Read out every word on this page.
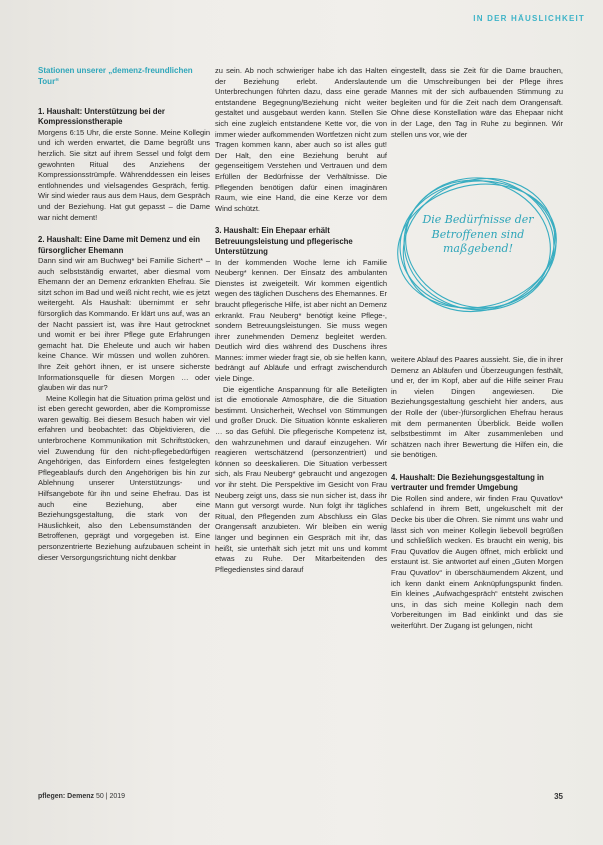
IN DER HÄUSLICHKEIT
Stationen unserer „demenz-freundlichen Tour“
1. Haushalt: Unterstützung bei der Kompressionstherapie

Morgens 6:15 Uhr, die erste Sonne. Meine Kollegin und ich werden erwartet, die Dame begrüßt uns herzlich. Sie sitzt auf ihrem Sessel und folgt dem gewohnten Ritual des Anziehens der Kompressionsstrümpfe. Währenddessen ein leises entlohnendes und vielsagendes Gespräch, fertig. Wir sind wieder raus aus dem Haus, dem Gespräch und der Beziehung. Hat gut gepasst – die Dame war nicht dement!

2. Haushalt: Eine Dame mit Demenz und ein fürsorglicher Ehemann

Dann sind wir am Buchweg* bei Familie Sichert* – auch selbstständig erwartet, aber diesmal vom Ehemann der an Demenz erkrankten Ehefrau. Sie sitzt schon im Bad und weiß nicht recht, wie es jetzt weitergeht. Als Haushalt: übernimmt er sehr fürsorglich das Kommando. Er klärt uns auf, was an der Nacht passiert ist, was ihre Haut getrocknet und womit er bei ihrer Pflege gute Erfahrungen gemacht hat. Die Eheleute und auch wir haben keine Chance. Wir müssen und wollen zuhören. Ihre Zeit gehört ihnen, er ist unsere sicherste Informationsquelle für diesen Morgen … oder glauben wir das nur?

Meine Kollegin hat die Situation prima gelöst und ist eben gerecht geworden, aber die Kompromisse waren gewaltig. Bei diesem Besuch haben wir viel erfahren und beobachtet: das Objektivieren, die unterbrochene Kommunikation mit Schriftstücken, viel Zuwendung für den nicht-pflegebedürftigen Angehörigen, das Einfordern eines festgelegten Pflegeablaufs durch den Angehörigen bis hin zur Ablehnung unserer Unterstützungs- und Hilfsangebote für ihn und seine Ehefrau. Das ist auch eine Beziehung, aber eine Beziehungsgestaltung, die stark von der Häuslichkeit, also den Lebensumständen der Betroffenen, geprägt und vorgegeben ist. Eine personzentrierte Beziehung aufzubauen scheint in dieser Versorgungsrichtung nicht denkbar

zu sein. Ab noch schwieriger habe ich das Halten der Beziehung erlebt. Anderslautende Unterbrechungen führten dazu, dass eine gerade entstandene Begegnung/Beziehung nicht weiter gestaltet und ausgebaut werden kann. Stellen Sie sich eine zugleich entstandene Kette vor, die von immer wieder aufkommenden Wortfetzen nicht zum Tragen kommen kann, aber auch so ist alles gut! Der Halt, den eine Beziehung beruht auf gegenseitigem Verstehen und Vertrauen und dem Erfüllen der Bedürfnisse der Verhältnisse. Die Pflegenden benötigen dafür einen imaginären Raum, wie eine Hand, die eine Kerze vor dem Wind schützt.

3. Haushalt: Ein Ehepaar erhält Betreuungsleistung und pflegerische Unterstützung

In der kommenden Woche lerne ich Familie Neuberg* kennen. Der Einsatz des ambulanten Dienstes ist zweigeteilt. Wir kommen eigentlich wegen des täglichen Duschens des Ehemannes. Er braucht pflegerische Hilfe, ist aber nicht an Demenz erkrankt. Frau Neuberg* benötigt keine Pflege-, sondern Betreuungsleistungen. Sie muss wegen ihrer zunehmenden Demenz begleitet werden. Deutlich wird dies während des Duschens ihres Mannes: immer wieder fragt sie, ob sie helfen kann, bedrängt auf Abläufe und erfragt zwischendurch viele Dinge.

Die eigentliche Anspannung für alle Beteiligten ist die emotionale Atmosphäre, die die Situation bestimmt. Unsicherheit, Wechsel von Stimmungen und großer Druck. Die Situation könnte eskalieren … so das Gefühl. Die pflegerische Kompetenz ist, den wahrzunehmen und darauf einzugehen. Wir reagieren wertschätzend (personzentriert) und können so deeskalieren. Die Situation verbessert sich, als Frau Neuberg* gebraucht und angezogen vor ihr steht. Die Perspektive im Gesicht von Frau Neuberg zeigt uns, dass sie nun sicher ist, dass ihr Mann gut versorgt wurde. Nun folgt ihr tägliches Ritual, den Pflegenden zum Abschluss ein Glas Orangensaft anzubieten. Wir bleiben ein wenig länger und beginnen ein Gespräch mit ihr, das heißt, sie unterhält sich jetzt mit uns und kommt etwas zu Ruhe. Der Mitarbeitenden des Pflegedienstes sind darauf

eingestellt, dass sie Zeit für die Dame brauchen, um die Umschreibungen bei der Pflege ihres Mannes mit der sich aufbauenden Stimmung zu begleiten und für die Zeit nach dem Orangensaft. Ohne diese Konstellation wäre das Ehepaar nicht in der Lage, den Tag in Ruhe zu beginnen. Wir stellen uns vor, wie der

weitere Ablauf des Paares aussieht. Sie, die in ihrer Demenz an Abläufen und Überzeugungen festhält, und er, der im Kopf, aber auf die Hilfe seiner Frau in vielen Dingen angewiesen. Die Beziehungsgestaltung geschieht hier anders, aus der Rolle der (über-)fürsorglichen Ehefrau heraus mit dem permanenten Überblick. Beide wollen selbstbestimmt im Alter zusammenleben und schätzen nach ihrer Bewertung die Hilfen ein, die sie benötigen.

4. Haushalt: Die Beziehungsgestaltung in vertrauter und fremder Umgebung

Die Rollen sind andere, wir finden Frau Quvatlov* schlafend in ihrem Bett, ungekuschelt mit der Decke bis über die Ohren. Sie nimmt uns wahr und lässt sich von meiner Kollegin liebevoll begrüßen und schließlich wecken. Es braucht ein wenig, bis Frau Quvatlov die Augen öffnet, mich erblickt und erstaunt ist. Sie antwortet auf einen „Guten Morgen Frau Quvatlov“ in überschäumendem Akzent, und ich kenn dankt einem Anknüpfungspunkt finden. Ein kleines „Aufwachgespräch“ entsteht zwischen uns, in das sich meine Kollegin nach dem Vorbereitungen im Bad einklinkt und das sie weiterführt. Der Zugang ist gelungen, nicht

Die Bedürfnisse der Betroffenen sind maßgebend!
pflegen: Demenz 50 | 2019	35
